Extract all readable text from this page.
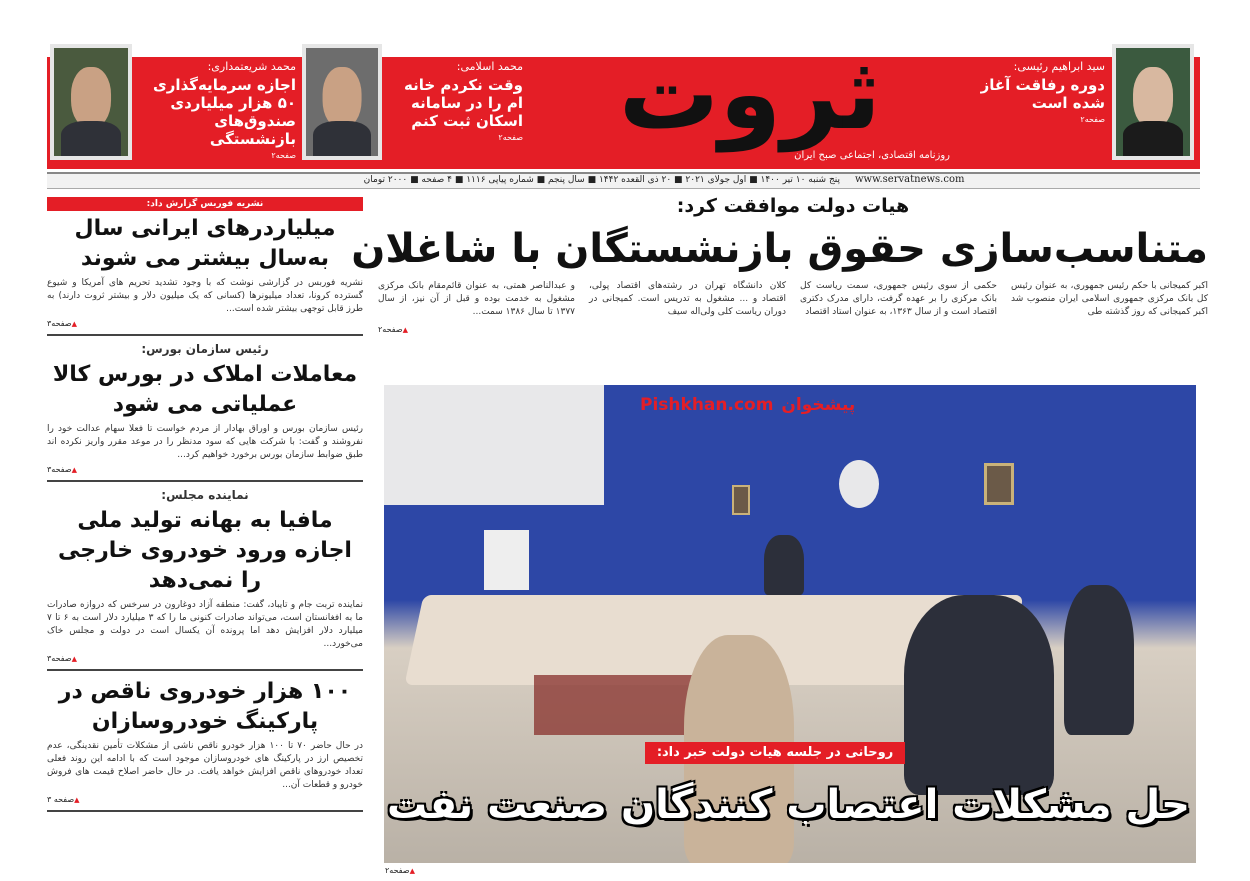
سید ابراهیم رئیسی:
دوره رفاقت آغاز شده است
صفحه۲
ثروت
روزنامه اقتصادی، اجتماعی صبح ایران
محمد اسلامی:
وقت نکردم خانه ام را در سامانه اسکان ثبت کنم
صفحه۲
محمد شریعتمداری:
اجازه سرمایه‌گذاری ۵۰ هزار میلیاردی صندوق‌های بازنشستگی
صفحه۲
پنج شنبه ۱۰ تیر ۱۴۰۰ ■ اول جولای ۲۰۲۱ ■ ۲۰ ذی القعده ۱۴۴۲ ■ سال پنجم ■ شماره پیاپی ۱۱۱۶ ■ ۴ صفحه ■ ۲۰۰۰ تومان www.servatnews.com
هیات دولت موافقت کرد:
متناسب‌سازی حقوق بازنشستگان با شاغلان

اکبر کمیجانی با حکم رئیس جمهوری، به عنوان رئیس کل بانک مرکزی جمهوری اسلامی ایران منصوب شد اکبر کمیجانی که روز گذشته طی

حکمی از سوی رئیس جمهوری، سمت ریاست کل بانک مرکزی را بر عهده گرفت، دارای مدرک دکتری اقتصاد است و از سال ۱۳۶۳، به عنوان استاد اقتصاد

کلان دانشگاه تهران در رشته‌های اقتصاد پولی، اقتصاد و ... مشغول به تدریس است. کمیجانی در دوران ریاست کلی ولی‌اله سیف

و عبدالناصر همتی، به عنوان قائم‌مقام بانک مرکزی مشغول به خدمت بوده و قبل از آن نیز، از سال ۱۳۷۷ تا سال ۱۳۸۶ سمت...

▲ صفحه۲
پیشخوان
Pishkhan.com
روحانی در جلسه هیات دولت خبر داد:
حل مشکلات اعتصاب کنندگان صنعت نفت
▲ صفحه۲
نشریه فوربس گزارش داد:
میلیاردرهای ایرانی سال به‌سال بیشتر می شوند
نشریه فوربس در گزارشی نوشت که با وجود تشدید تحریم های آمریکا و شیوع گسترده کرونا، تعداد میلیونرها (کسانی که یک میلیون دلار و بیشتر ثروت دارند) به طرز قابل توجهی بیشتر شده است...
▲ صفحه۳
رئیس سازمان بورس:
معاملات املاک در بورس کالا عملیاتی می شود
رئیس سازمان بورس و اوراق بهادار از مردم خواست تا فعلا سهام عدالت خود را نفروشند و گفت: با شرکت هایی که سود مدنظر را در موعد مقرر واریز نکرده اند طبق ضوابط سازمان بورس برخورد خواهیم کرد...
▲ صفحه۳
نماینده مجلس:
مافیا به بهانه تولید ملی اجازه ورود خودروی خارجی را نمی‌دهد
نماینده تربت جام و تایباد، گفت: منطقه آزاد دوغارون در سرخس که دروازه صادرات ما به افغانستان است، می‌تواند صادرات کنونی ما را که ۳ میلیارد دلار است به ۶ تا ۷ میلیارد دلار افزایش دهد اما پرونده آن یکسال است در دولت و مجلس خاک می‌خورد...
▲ صفحه۳
۱۰۰ هزار خودروی ناقص در پارکینگ خودروسازان
در حال حاضر ۷۰ تا ۱۰۰ هزار خودرو ناقص ناشی از مشکلات تأمین نقدینگی، عدم تخصیص ارز در پارکینگ های خودروسازان موجود است که با ادامه این روند فعلی تعداد خودروهای ناقص افزایش خواهد یافت. در حال حاضر اصلاح قیمت های فروش خودرو و قطعات آن...
▲ صفحه ۳
